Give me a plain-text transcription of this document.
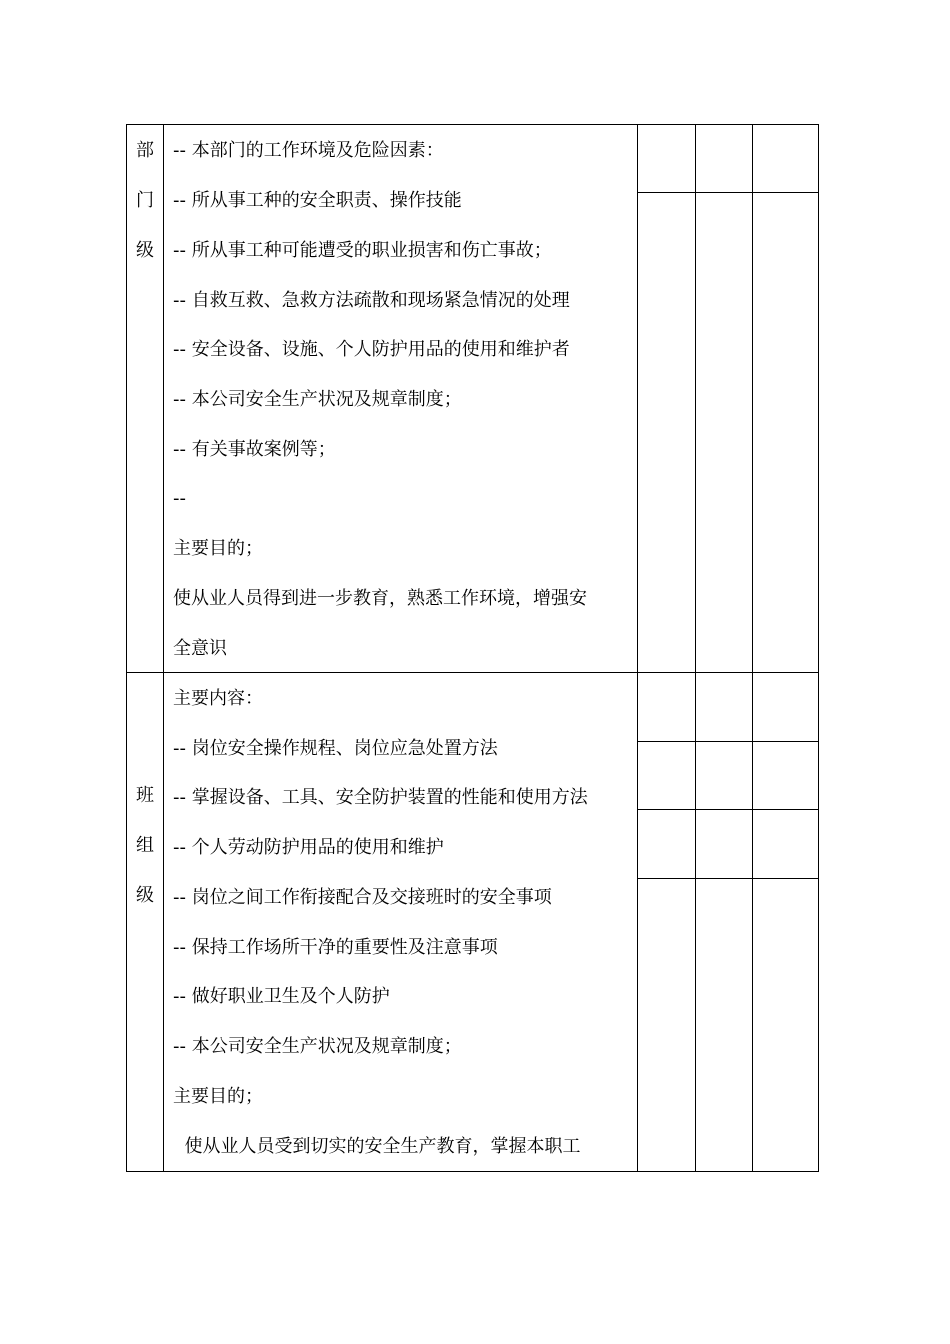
部
门
级
-- 本部门的工作环境及危险因素：
-- 所从事工种的安全职责、操作技能
-- 所从事工种可能遭受的职业损害和伤亡事故；
-- 自救互救、急救方法疏散和现场紧急情况的处理
-- 安全设备、设施、个人防护用品的使用和维护者
-- 本公司安全生产状况及规章制度；
-- 有关事故案例等；
--
主要目的；
使从业人员得到进一步教育，熟悉工作环境，增强安
全意识
班
组
级
主要内容：
-- 岗位安全操作规程、岗位应急处置方法
-- 掌握设备、工具、安全防护装置的性能和使用方法
-- 个人劳动防护用品的使用和维护
-- 岗位之间工作衔接配合及交接班时的安全事项
-- 保持工作场所干净的重要性及注意事项
-- 做好职业卫生及个人防护
-- 本公司安全生产状况及规章制度；
主要目的；
使从业人员受到切实的安全生产教育，掌握本职工
